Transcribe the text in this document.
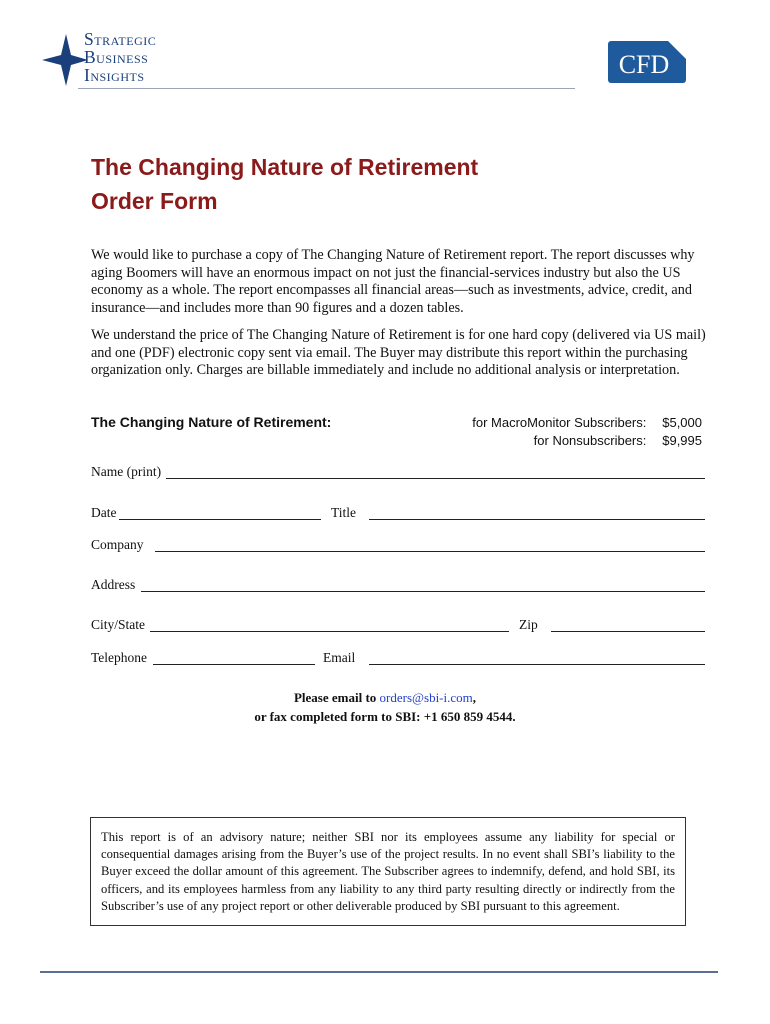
Strategic
Business
Insights	CFD
The Changing Nature of Retirement
Order Form
We would like to purchase a copy of The Changing Nature of Retirement report. The report discusses why aging Boomers will have an enormous impact on not just the financial-services industry but also the US economy as a whole. The report encompasses all financial areas—such as investments, advice, credit, and insurance—and includes more than 90 figures and a dozen tables.
We understand the price of The Changing Nature of Retirement is for one hard copy (delivered via US mail) and one (PDF) electronic copy sent via email. The Buyer may distribute this report within the purchasing organization only. Charges are billable immediately and include no additional analysis or interpretation.
The Changing Nature of Retirement:	for MacroMonitor Subscribers: $5,000
for Nonsubscribers: $9,995
Name (print)
Date	Title
Company
Address
City/State	Zip
Telephone	Email
Please email to orders@sbi-i.com,
or fax completed form to SBI: +1 650 859 4544.
This report is of an advisory nature; neither SBI nor its employees assume any liability for special or consequential damages arising from the Buyer’s use of the project results. In no event shall SBI’s liability to the Buyer exceed the dollar amount of this agreement. The Subscriber agrees to indemnify, defend, and hold SBI, its officers, and its employees harmless from any liability to any third party resulting directly or indirectly from the Subscriber’s use of any project report or other deliverable produced by SBI pursuant to this agreement.
